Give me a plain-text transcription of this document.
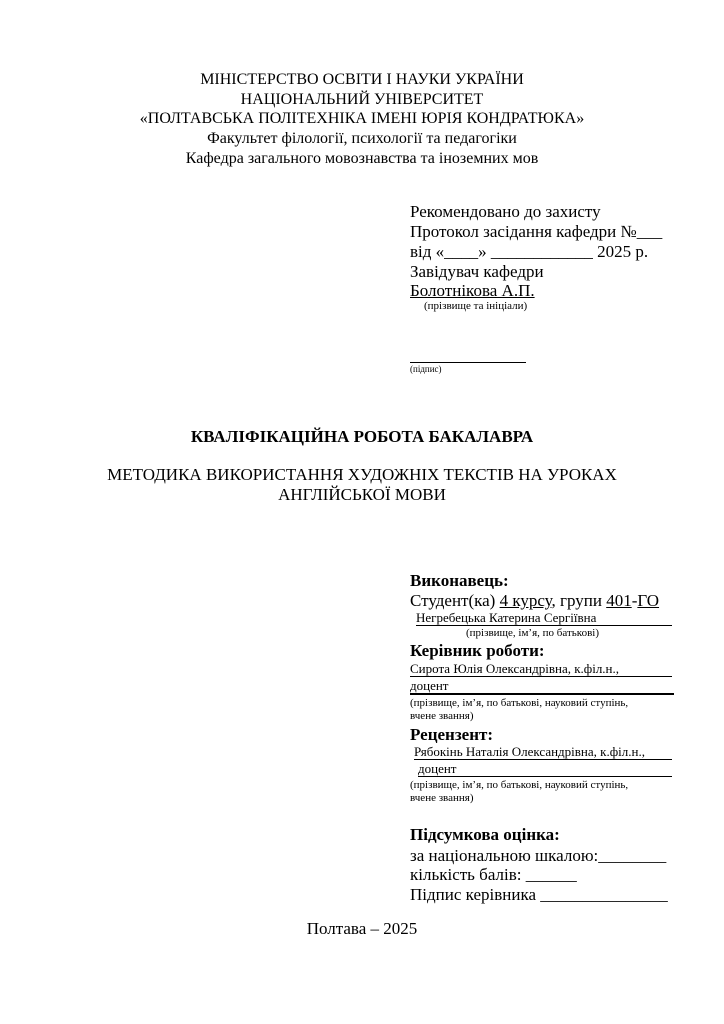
МІНІСТЕРСТВО ОСВІТИ І НАУКИ УКРАЇНИ
НАЦІОНАЛЬНИЙ УНІВЕРСИТЕТ
«ПОЛТАВСЬКА ПОЛІТЕХНІКА ІМЕНІ ЮРІЯ КОНДРАТЮКА»
Факультет філології, психології та педагогіки
Кафедра загального мовознавства та іноземних мов
Рекомендовано до захисту
Протокол засідання кафедри №___
від «____» ____________ 2025 р.
Завідувач кафедри
Болотнікова А.П.
(прізвище та ініціали)
(підпис)
КВАЛІФІКАЦІЙНА РОБОТА БАКАЛАВРА
МЕТОДИКА ВИКОРИСТАННЯ ХУДОЖНІХ ТЕКСТІВ НА УРОКАХ
АНГЛІЙСЬКОЇ МОВИ
Виконавець:
Студент(ка) 4 курсу, групи 401-ГО
Негребецька Катерина Сергіївна
(прізвище, ім’я, по батькові)
Керівник роботи:
Сирота Юлія Олександрівна, к.філ.н.,
доцент
(прізвище, ім’я, по батькові, науковий ступінь,
вчене звання)
Рецензент:
Рябокінь Наталія Олександрівна, к.філ.н.,
доцент
(прізвище, ім’я, по батькові, науковий ступінь,
вчене звання)
Підсумкова оцінка:
за національною шкалою:________
кількість балів: ______
Підпис керівника _______________
Полтава – 2025
